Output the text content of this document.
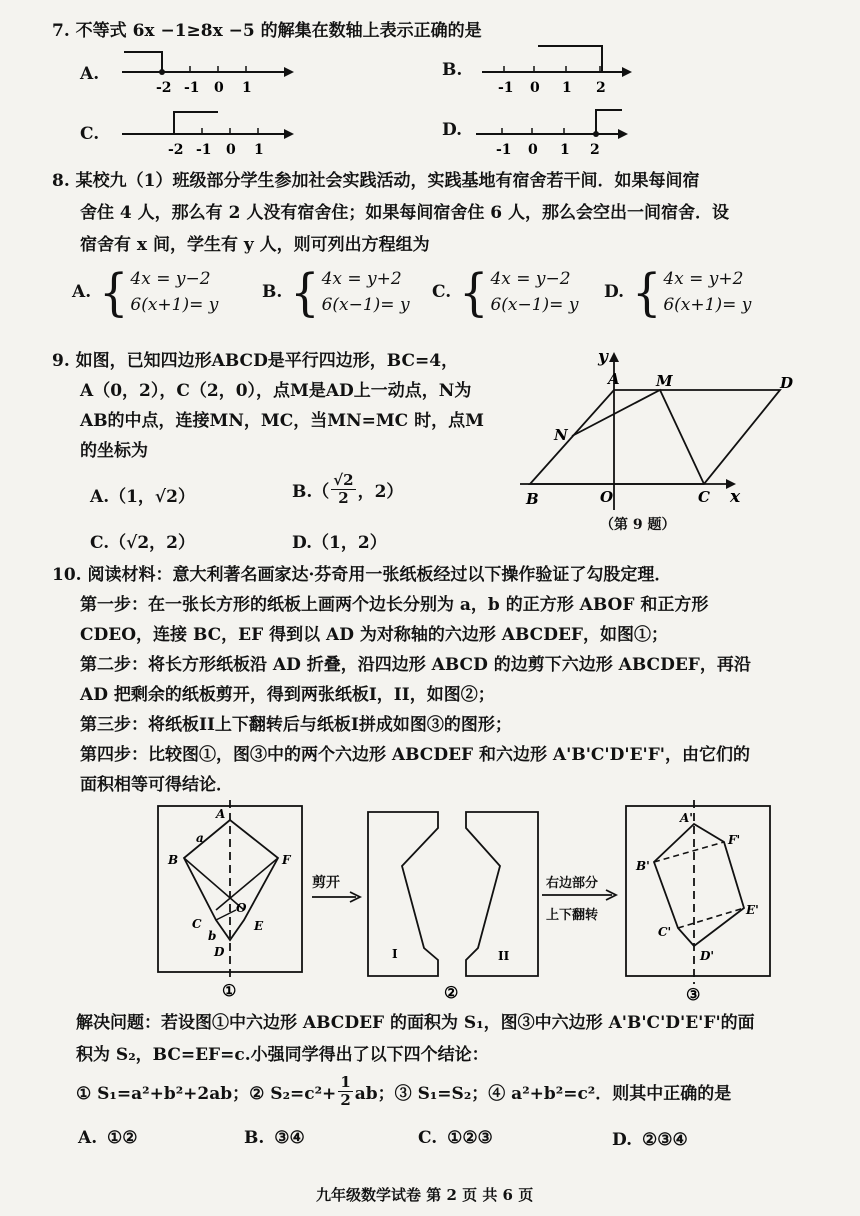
7. 不等式 6x −1≥8x −5 的解集在数轴上表示正确的是
A.
-2 -1 0 1
B.
-1 0 1 2
C.
-2 -1 0 1
D.
-1 0 1 2
8. 某校九（1）班级部分学生参加社会实践活动，实践基地有宿舍若干间．如果每间宿
舍住 4 人，那么有 2 人没有宿舍住；如果每间宿舍住 6 人，那么会空出一间宿舍．设
宿舍有 x 间，学生有 y 人，则可列出方程组为
A. { 4x = y−2
6(x+1)= y
B. { 4x = y+2
6(x−1)= y
C. { 4x = y−2
6(x−1)= y
D. { 4x = y+2
6(x+1)= y
9. 如图，已知四边形ABCD是平行四边形，BC=4，
A（0，2），C（2，0），点M是AD上一动点，N为
AB的中点，连接MN，MC，当MN=MC 时，点M
的坐标为
A.（1，√2）	$B.( \frac{√2}{2}$ ，2）
C.（√2，2）	D.（1，2）
A M	D
N
B	O	C x
y
（第 9 题）
10. 阅读材料：意大利著名画家达·芬奇用一张纸板经过以下操作验证了勾股定理．
第一步：在一张长方形的纸板上画两个边长分别为 a，b 的正方形 ABOF 和正方形
CDEO，连接 BC，EF 得到以 AD 为对称轴的六边形 ABCDEF，如图①；
第二步：将长方形纸板沿 AD 折叠，沿四边形 ABCD 的边剪下六边形 ABCDEF，再沿
AD 把剩余的纸板剪开，得到两张纸板I，II，如图②；
第三步：将纸板II上下翻转后与纸板I拼成如图③的图形；
第四步：比较图①，图③中的两个六边形 ABCDEF 和六边形 A'B'C'D'E'F'，由它们的
面积相等可得结论．
A
a
B	F
O
C
b
E
D
①
剪开
I	II
②
右边部分
上下翻转
A'
F'
B'
E'
C'
D'
③
解决问题：若设图①中六边形 ABCDEF 的面积为 S₁，图③中六边形 A'B'C'D'E'F'的面
积为 S₂，BC=EF=c.小强同学得出了以下四个结论：
① S₁=a²+b²+2ab；② $S_2=c^2+ \frac{1}{2}$ ab；③ S₁=S₂；④ a²+b²=c²．则其中正确的是
A. ①②	B. ③④	C. ①②③	D. ②③④
九年级数学试卷 第 2 页 共 6 页
